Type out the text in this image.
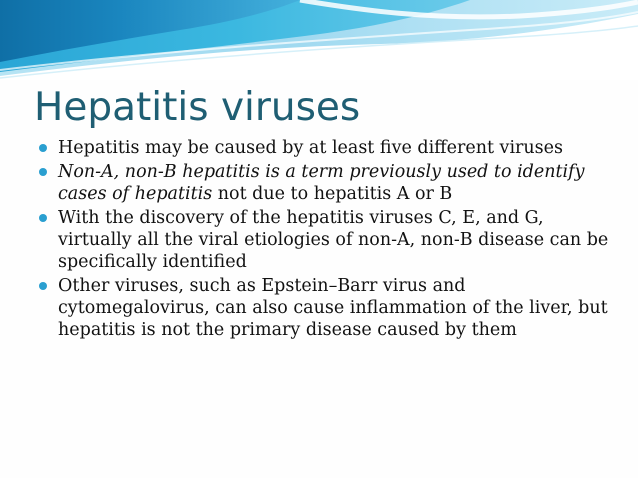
Hepatitis viruses
Hepatitis may be caused by at least five different viruses
Non-A, non-B hepatitis is a term previously used to identify cases of hepatitis not due to hepatitis A or B
With the discovery of the hepatitis viruses C, E, and G, virtually all the viral etiologies of non-A, non-B disease can be specifically identified
Other viruses, such as Epstein–Barr virus and cytomegalovirus, can also cause inflammation of the liver, but hepatitis is not the primary disease caused by them
